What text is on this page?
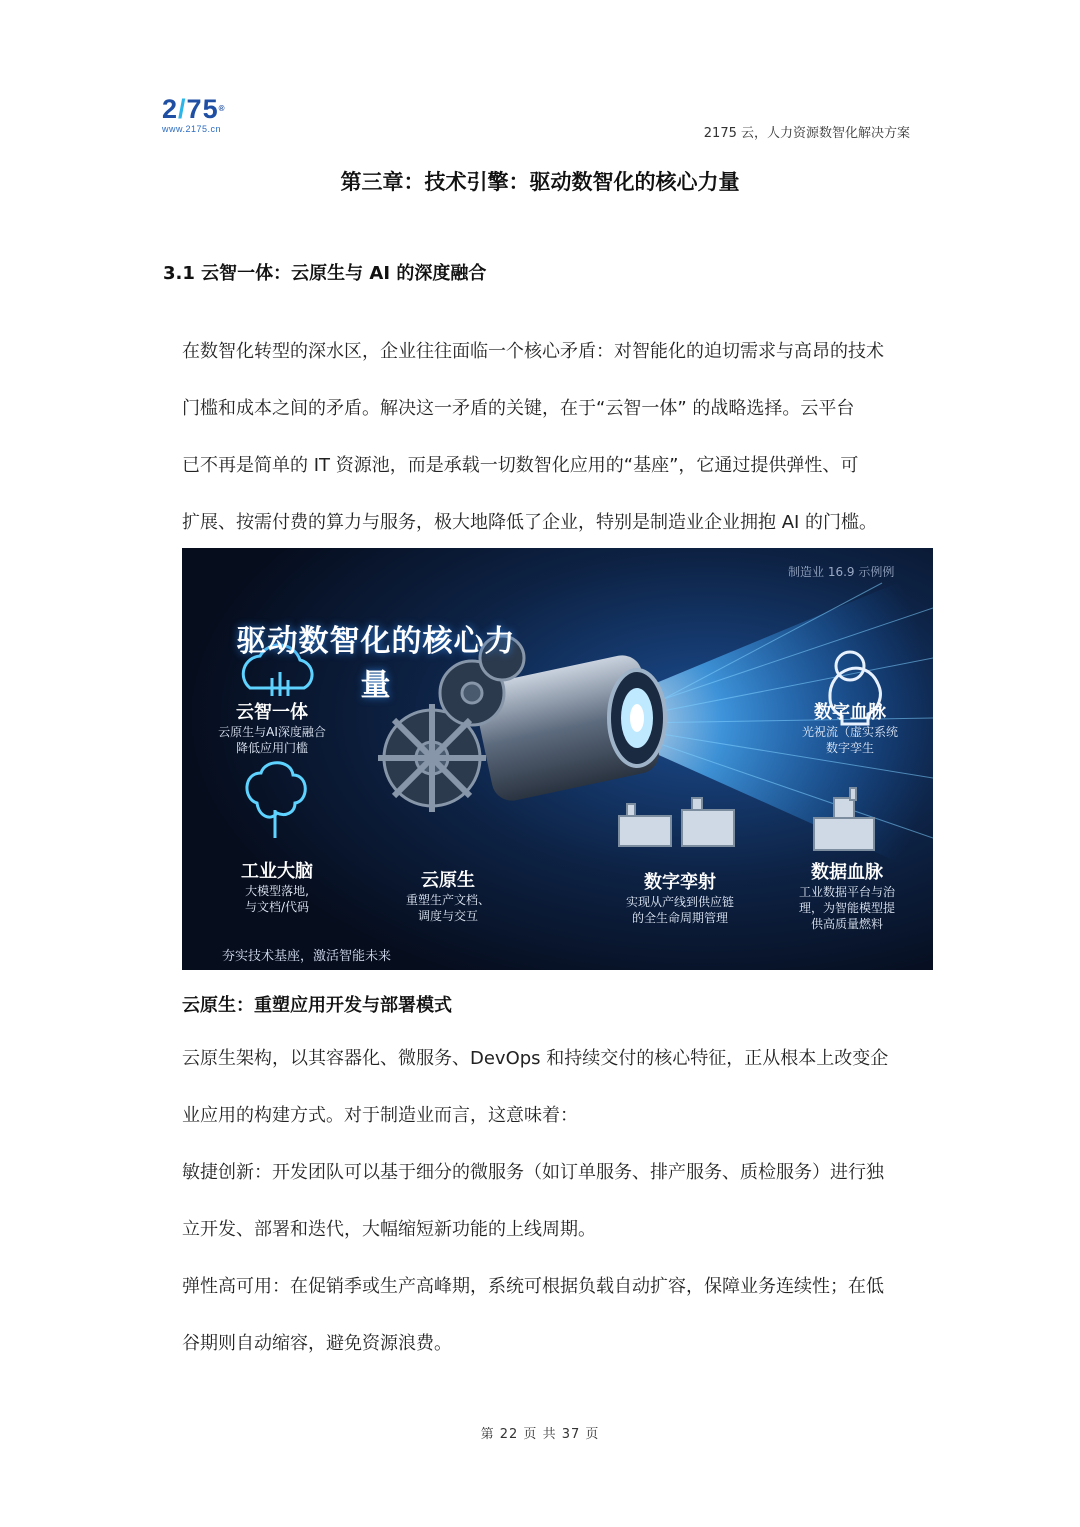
2/75®
www.2175.cn	2175 云，人力资源数智化解决方案
第三章：技术引擎：驱动数智化的核心力量
3.1 云智一体：云原生与 AI 的深度融合
在数智化转型的深水区，企业往往面临一个核心矛盾：对智能化的迫切需求与高昂的技术
门槛和成本之间的矛盾。解决这一矛盾的关键，在于“云智一体” 的战略选择。云平台
已不再是简单的 IT 资源池，而是承载一切数智化应用的“基座”，它通过提供弹性、可
扩展、按需付费的算力与服务，极大地降低了企业，特别是制造业企业拥抱 AI 的门槛。
制造业 16.9 示例例
驱动数智化的核心力量
云智一体
云原生与AI深度融合
降低应用门槛
工业大脑
大模型落地,
与文档/代码
云原生
重塑生产文档、
调度与交互
数字孪射
实现从产线到供应链
的全生命周期管理
数据血脉
工业数据平台与治
理，为智能模型提
供高质量燃料
数字血脉
光祝流（虚实系统
数字孪生
夯实技术基座，激活智能未来
云原生：重塑应用开发与部署模式
云原生架构，以其容器化、微服务、DevOps 和持续交付的核心特征，正从根本上改变企
业应用的构建方式。对于制造业而言，这意味着：
敏捷创新：开发团队可以基于细分的微服务（如订单服务、排产服务、质检服务）进行独
立开发、部署和迭代，大幅缩短新功能的上线周期。
弹性高可用：在促销季或生产高峰期，系统可根据负载自动扩容，保障业务连续性；在低
谷期则自动缩容，避免资源浪费。
第 22 页 共 37 页
